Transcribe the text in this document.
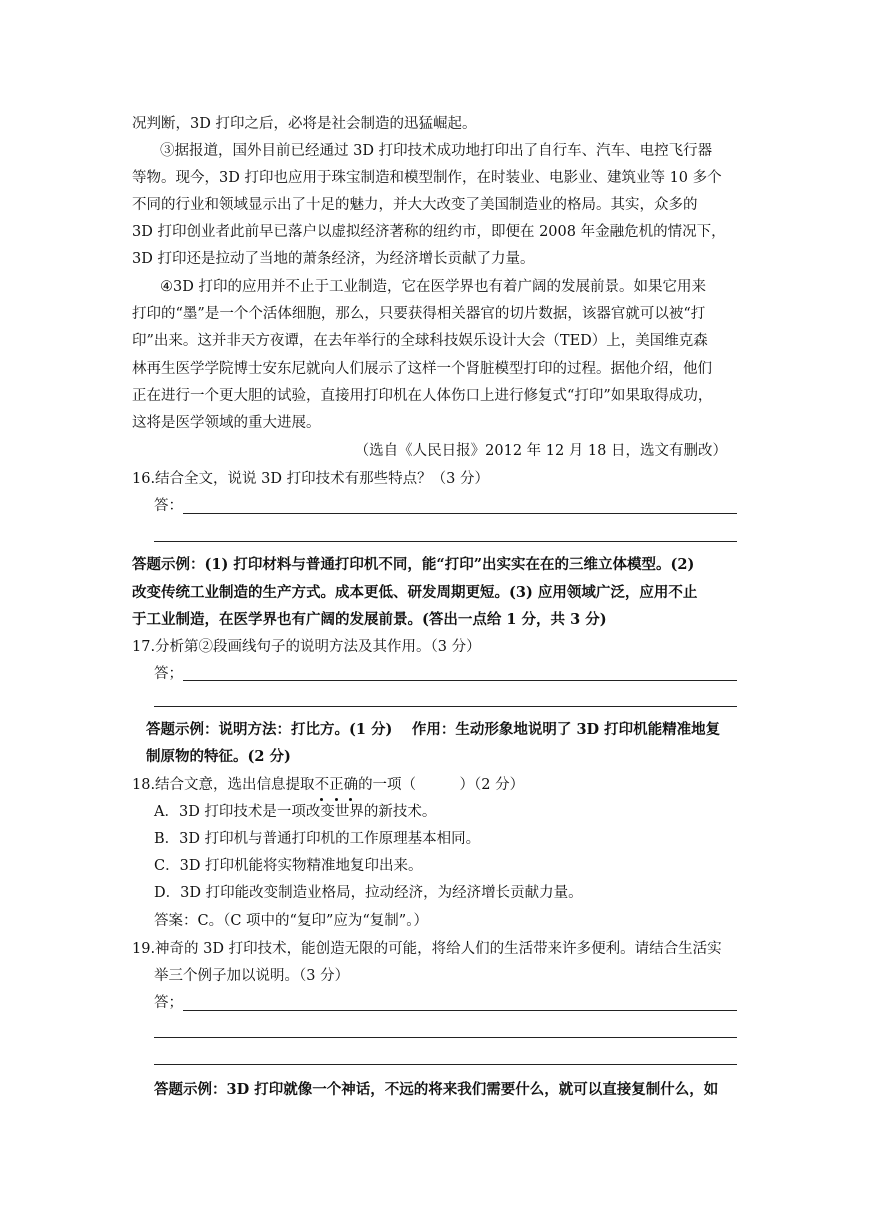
况判断，3D 打印之后，必将是社会制造的迅猛崛起。
③据报道，国外目前已经通过 3D 打印技术成功地打印出了自行车、汽车、电控飞行器
等物。现今，3D 打印也应用于珠宝制造和模型制作，在时装业、电影业、建筑业等 10 多个
不同的行业和领域显示出了十足的魅力，并大大改变了美国制造业的格局。其实，众多的
3D 打印创业者此前早已落户以虚拟经济著称的纽约市，即便在 2008 年金融危机的情况下，
3D 打印还是拉动了当地的萧条经济，为经济增长贡献了力量。
④3D 打印的应用并不止于工业制造，它在医学界也有着广阔的发展前景。如果它用来
打印的“墨”是一个个活体细胞，那么，只要获得相关器官的切片数据，该器官就可以被“打
印”出来。这并非天方夜谭，在去年举行的全球科技娱乐设计大会（TED）上，美国维克森
林再生医学学院博士安东尼就向人们展示了这样一个肾脏模型打印的过程。据他介绍，他们
正在进行一个更大胆的试验，直接用打印机在人体伤口上进行修复式“打印”如果取得成功，
这将是医学领域的重大进展。
（选自《人民日报》2012 年 12 月 18 日，选文有删改）
16.结合全文，说说 3D 打印技术有那些特点？（3 分）
答：
答题示例：(1) 打印材料与普通打印机不同，能“打印”出实实在在的三维立体模型。(2)
改变传统工业制造的生产方式。成本更低、研发周期更短。(3) 应用领域广泛，应用不止
于工业制造，在医学界也有广阔的发展前景。(答出一点给 1 分，共 3 分)
17.分析第②段画线句子的说明方法及其作用。（3 分）
答；
答题示例：说明方法：打比方。(1 分)　 作用：生动形象地说明了 3D 打印机能精准地复
制原物的特征。(2 分)
18.结合文意，选出信息提取不正确的一项（　　　）（2 分）
A．3D 打印技术是一项改变世界的新技术。
B．3D 打印机与普通打印机的工作原理基本相同。
C．3D 打印机能将实物精准地复印出来。
D．3D 打印能改变制造业格局，拉动经济，为经济增长贡献力量。
答案：C。（C 项中的“复印”应为“复制”。）
19.神奇的 3D 打印技术，能创造无限的可能，将给人们的生活带来许多便利。请结合生活实
举三个例子加以说明。（3 分）
答；
答题示例：3D 打印就像一个神话，不远的将来我们需要什么，就可以直接复制什么，如
